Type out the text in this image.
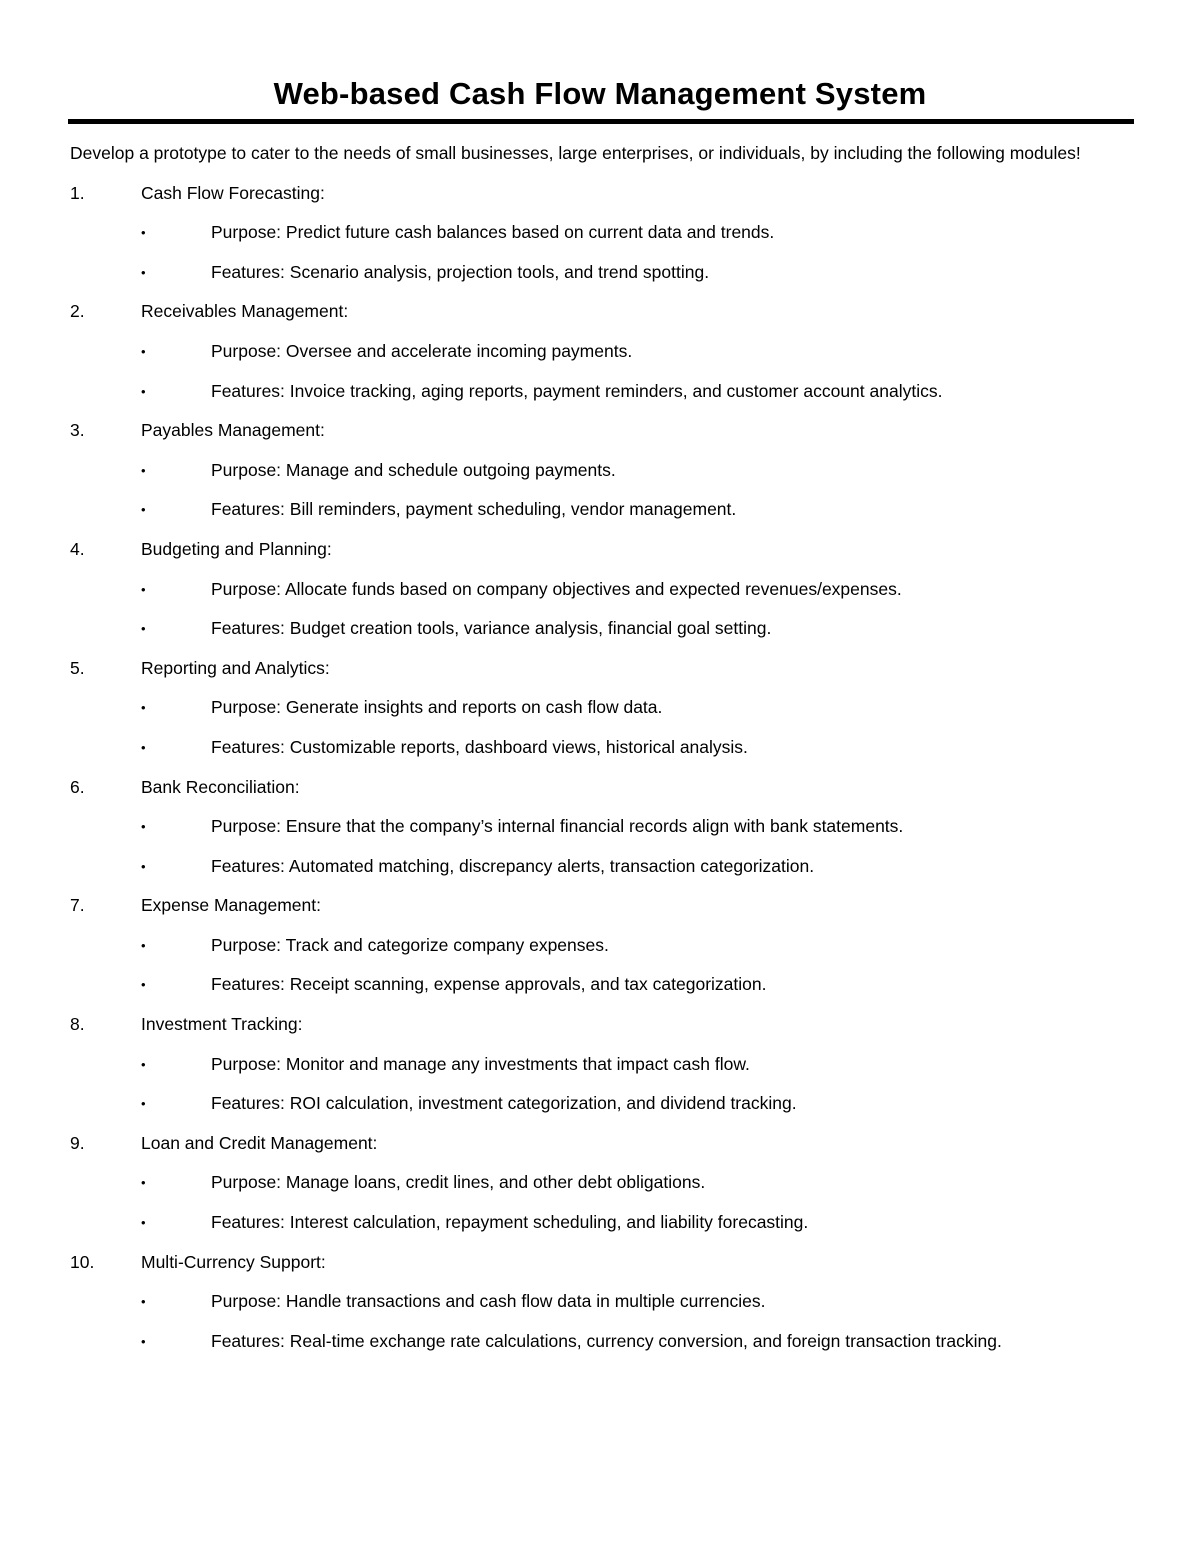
Web-based Cash Flow Management System

Develop a prototype to cater to the needs of small businesses, large enterprises, or individuals, by including the following modules!

1.	Cash Flow Forecasting:
•	Purpose: Predict future cash balances based on current data and trends.
•	Features: Scenario analysis, projection tools, and trend spotting.
2.	Receivables Management:
•	Purpose: Oversee and accelerate incoming payments.
•	Features: Invoice tracking, aging reports, payment reminders, and customer account analytics.
3.	Payables Management:
•	Purpose: Manage and schedule outgoing payments.
•	Features: Bill reminders, payment scheduling, vendor management.
4.	Budgeting and Planning:
•	Purpose: Allocate funds based on company objectives and expected revenues/expenses.
•	Features: Budget creation tools, variance analysis, financial goal setting.
5.	Reporting and Analytics:
•	Purpose: Generate insights and reports on cash flow data.
•	Features: Customizable reports, dashboard views, historical analysis.
6.	Bank Reconciliation:
•	Purpose: Ensure that the company’s internal financial records align with bank statements.
•	Features: Automated matching, discrepancy alerts, transaction categorization.
7.	Expense Management:
•	Purpose: Track and categorize company expenses.
•	Features: Receipt scanning, expense approvals, and tax categorization.
8.	Investment Tracking:
•	Purpose: Monitor and manage any investments that impact cash flow.
•	Features: ROI calculation, investment categorization, and dividend tracking.
9.	Loan and Credit Management:
•	Purpose: Manage loans, credit lines, and other debt obligations.
•	Features: Interest calculation, repayment scheduling, and liability forecasting.
10.	Multi-Currency Support:
•	Purpose: Handle transactions and cash flow data in multiple currencies.
•	Features: Real-time exchange rate calculations, currency conversion, and foreign transaction tracking.
